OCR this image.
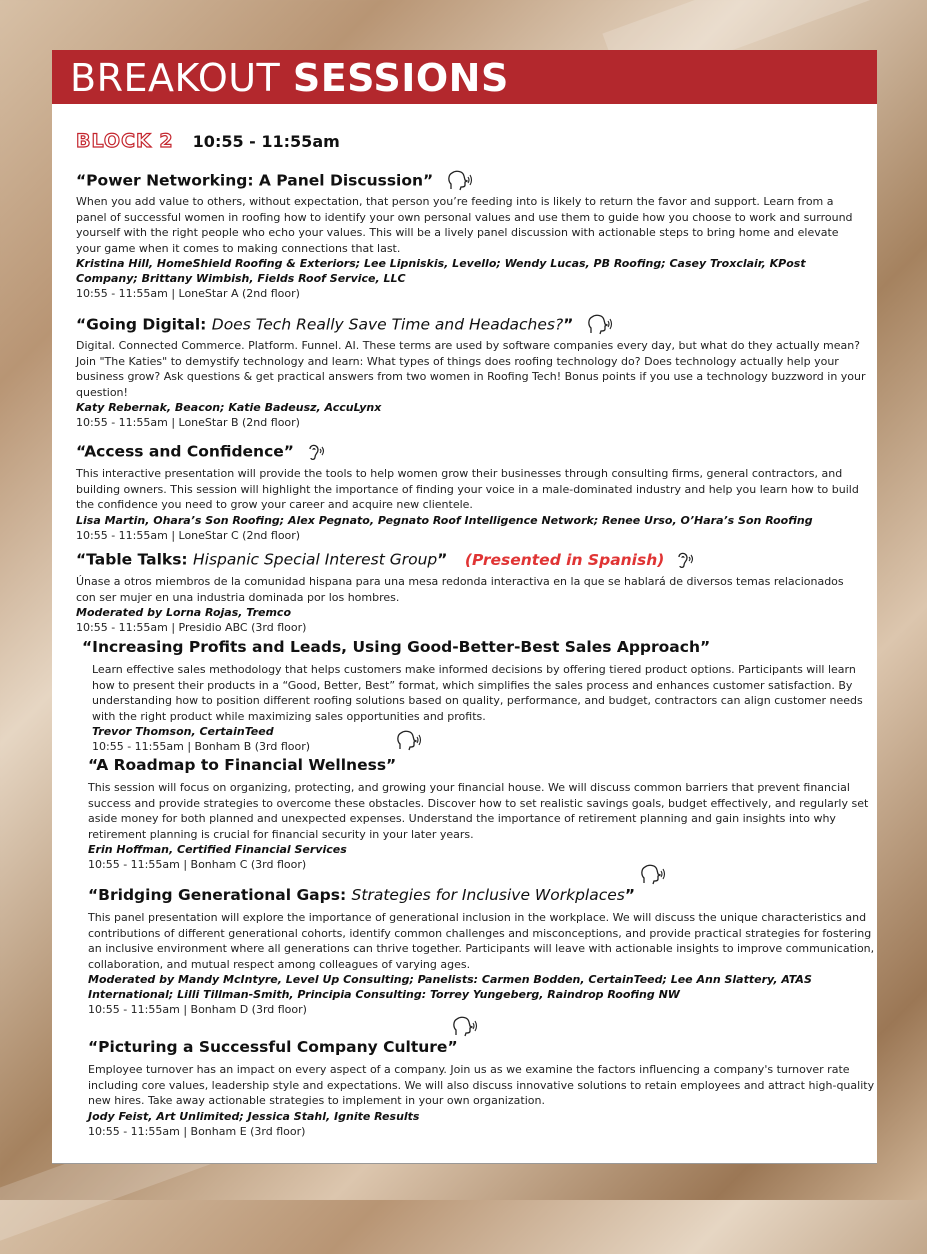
BREAKOUT SESSIONS
BLOCK 2 10:55 - 11:55am
“Power Networking: A Panel Discussion”
When you add value to others, without expectation, that person you’re feeding into is likely to return the favor and support. Learn from a panel of successful women in roofing how to identify your own personal values and use them to guide how you choose to work and surround yourself with the right people who echo your values. This will be a lively panel discussion with actionable steps to bring home and elevate your game when it comes to making connections that last.
Kristina Hill, HomeShield Roofing & Exteriors; Lee Lipniskis, Levello; Wendy Lucas, PB Roofing; Casey Troxclair, KPost Company; Brittany Wimbish, Fields Roof Service, LLC
10:55 - 11:55am | LoneStar A (2nd floor)
“Going Digital: Does Tech Really Save Time and Headaches?”
Digital. Connected Commerce. Platform. Funnel. AI. These terms are used by software companies every day, but what do they actually mean? Join "The Katies" to demystify technology and learn: What types of things does roofing technology do? Does technology actually help your business grow? Ask questions & get practical answers from two women in Roofing Tech! Bonus points if you use a technology buzzword in your question!
Katy Rebernak, Beacon; Katie Badeusz, AccuLynx
10:55 - 11:55am | LoneStar B (2nd floor)
“Access and Confidence”
This interactive presentation will provide the tools to help women grow their businesses through consulting firms, general contractors, and building owners. This session will highlight the importance of finding your voice in a male-dominated industry and help you learn how to build the confidence you need to grow your career and acquire new clientele.
Lisa Martin, Ohara’s Son Roofing; Alex Pegnato, Pegnato Roof Intelligence Network; Renee Urso, O’Hara’s Son Roofing
10:55 - 11:55am | LoneStar C (2nd floor)
“Table Talks: Hispanic Special Interest Group” (Presented in Spanish)
Únase a otros miembros de la comunidad hispana para una mesa redonda interactiva en la que se hablará de diversos temas relacionados con ser mujer en una industria dominada por los hombres.
Moderated by Lorna Rojas, Tremco
10:55 - 11:55am | Presidio ABC (3rd floor)
“Increasing Profits and Leads, Using Good-Better-Best Sales Approach”
Learn effective sales methodology that helps customers make informed decisions by offering tiered product options. Participants will learn how to present their products in a “Good, Better, Best” format, which simplifies the sales process and enhances customer satisfaction. By understanding how to position different roofing solutions based on quality, performance, and budget, contractors can align customer needs with the right product while maximizing sales opportunities and profits.
Trevor Thomson, CertainTeed
10:55 - 11:55am | Bonham B (3rd floor)
“A Roadmap to Financial Wellness”
This session will focus on organizing, protecting, and growing your financial house. We will discuss common barriers that prevent financial success and provide strategies to overcome these obstacles. Discover how to set realistic savings goals, budget effectively, and regularly set aside money for both planned and unexpected expenses. Understand the importance of retirement planning and gain insights into why retirement planning is crucial for financial security in your later years.
Erin Hoffman, Certified Financial Services
10:55 - 11:55am | Bonham C (3rd floor)
“Bridging Generational Gaps: Strategies for Inclusive Workplaces”
This panel presentation will explore the importance of generational inclusion in the workplace. We will discuss the unique characteristics and contributions of different generational cohorts, identify common challenges and misconceptions, and provide practical strategies for fostering an inclusive environment where all generations can thrive together. Participants will leave with actionable insights to improve communication, collaboration, and mutual respect among colleagues of varying ages.
Moderated by Mandy McIntyre, Level Up Consulting; Panelists: Carmen Bodden, CertainTeed; Lee Ann Slattery, ATAS International; Lilli Tillman-Smith, Principia Consulting: Torrey Yungeberg, Raindrop Roofing NW
10:55 - 11:55am | Bonham D (3rd floor)
“Picturing a Successful Company Culture”
Employee turnover has an impact on every aspect of a company. Join us as we examine the factors influencing a company's turnover rate including core values, leadership style and expectations. We will also discuss innovative solutions to retain employees and attract high-quality new hires. Take away actionable strategies to implement in your own organization.
Jody Feist, Art Unlimited; Jessica Stahl, Ignite Results
10:55 - 11:55am | Bonham E (3rd floor)
